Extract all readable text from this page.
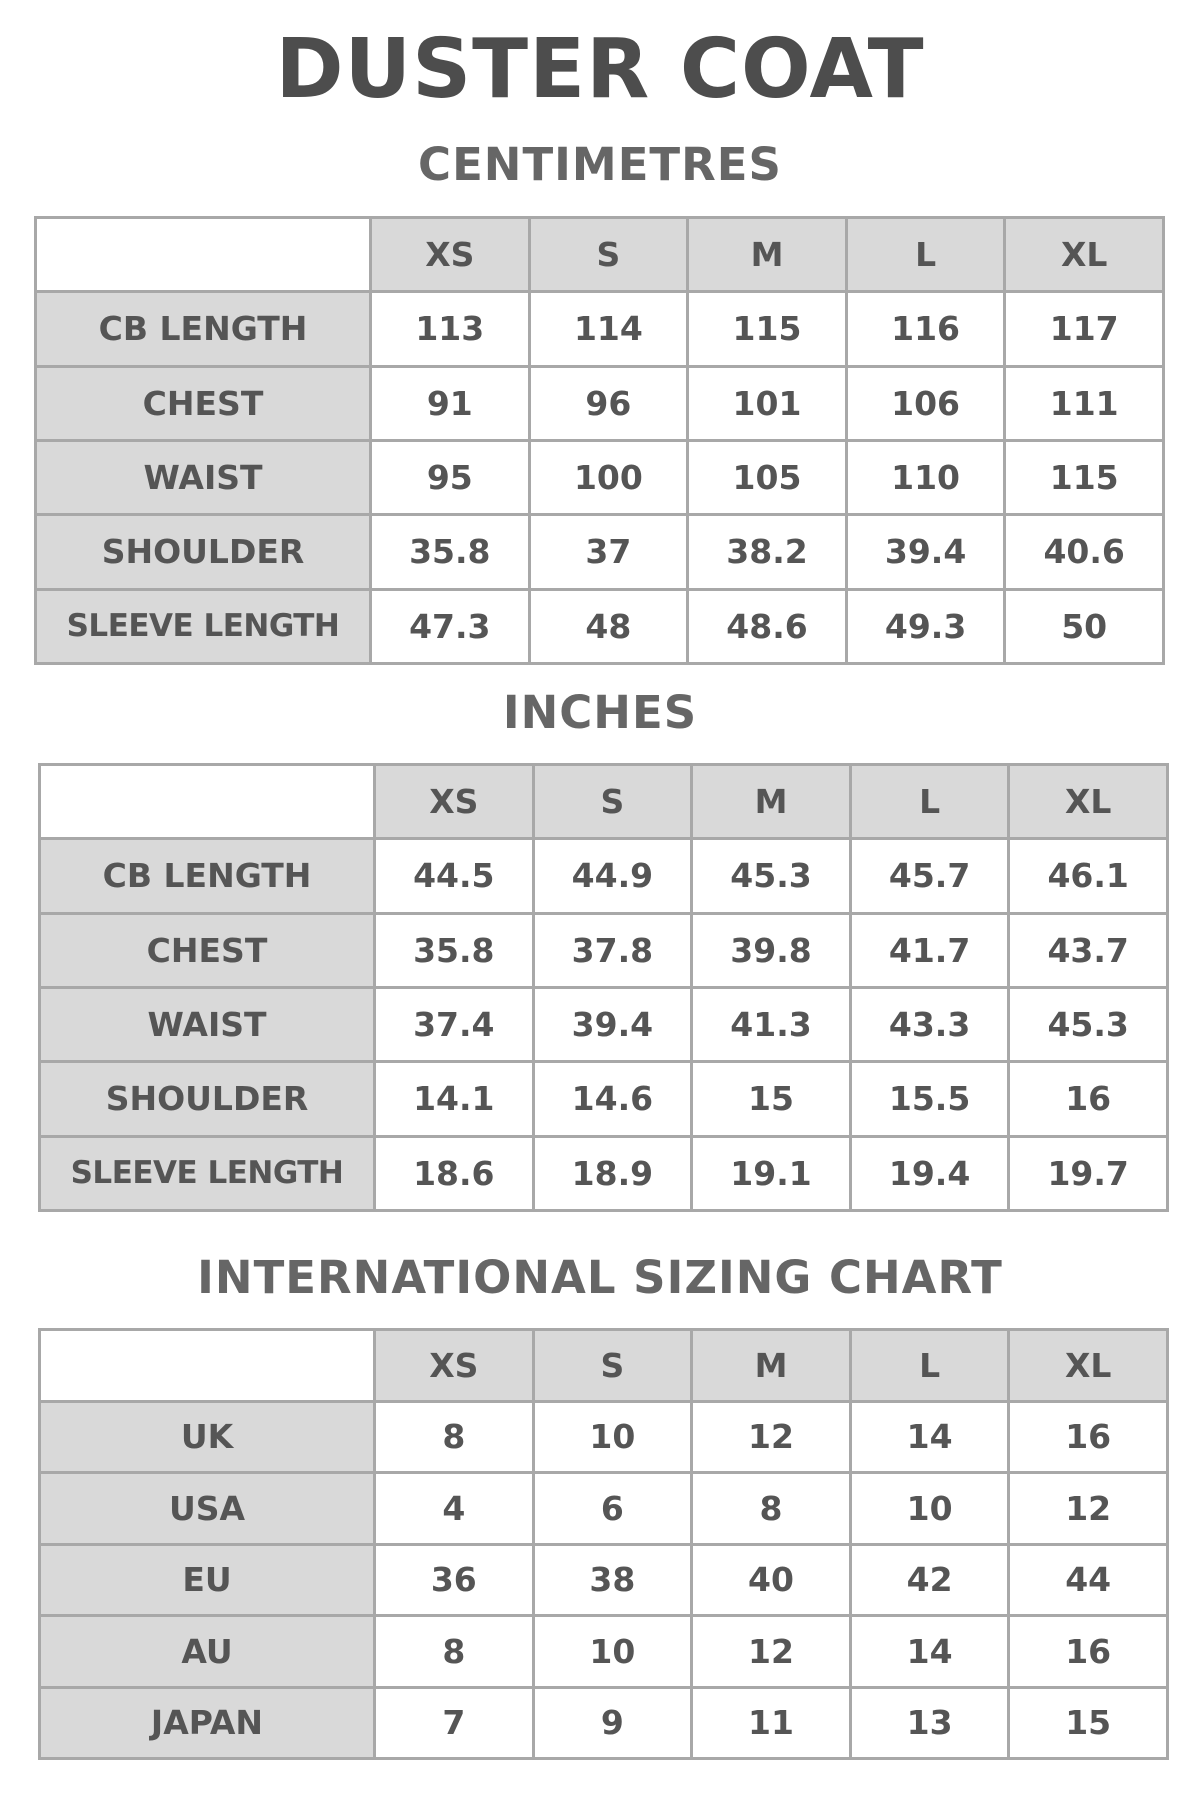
DUSTER COAT
CENTIMETRES
	XS	S	M	L	XL
CB LENGTH	113	114	115	116	117
CHEST	91	96	101	106	111
WAIST	95	100	105	110	115
SHOULDER	35.8	37	38.2	39.4	40.6
SLEEVE LENGTH	47.3	48	48.6	49.3	50
INCHES
	XS	S	M	L	XL
CB LENGTH	44.5	44.9	45.3	45.7	46.1
CHEST	35.8	37.8	39.8	41.7	43.7
WAIST	37.4	39.4	41.3	43.3	45.3
SHOULDER	14.1	14.6	15	15.5	16
SLEEVE LENGTH	18.6	18.9	19.1	19.4	19.7
INTERNATIONAL SIZING CHART
	XS	S	M	L	XL
UK	8	10	12	14	16
USA	4	6	8	10	12
EU	36	38	40	42	44
AU	8	10	12	14	16
JAPAN	7	9	11	13	15
